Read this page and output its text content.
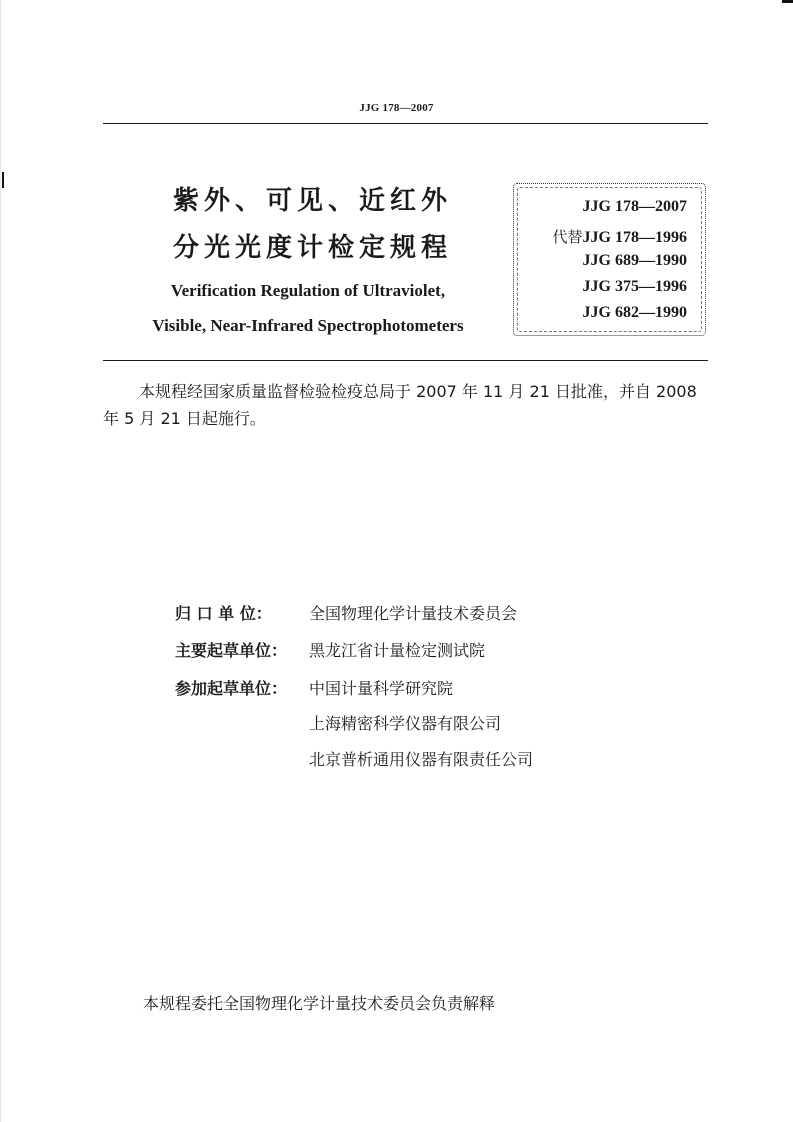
JJG 178—2007
紫外、可见、近红外
分光光度计检定规程
Verification Regulation of Ultraviolet,
Visible, Near-Infrared Spectrophotometers
JJG 178—2007
代替JJG 178—1996
JJG 689—1990
JJG 375—1996
JJG 682—1990
本规程经国家质量监督检验检疫总局于 2007 年 11 月 21 日批准，并自 2008 年 5 月 21 日起施行。
归 口 单 位：	全国物理化学计量技术委员会
主要起草单位：	黑龙江省计量检定测试院
参加起草单位：	中国计量科学研究院
上海精密科学仪器有限公司
北京普析通用仪器有限责任公司
本规程委托全国物理化学计量技术委员会负责解释
